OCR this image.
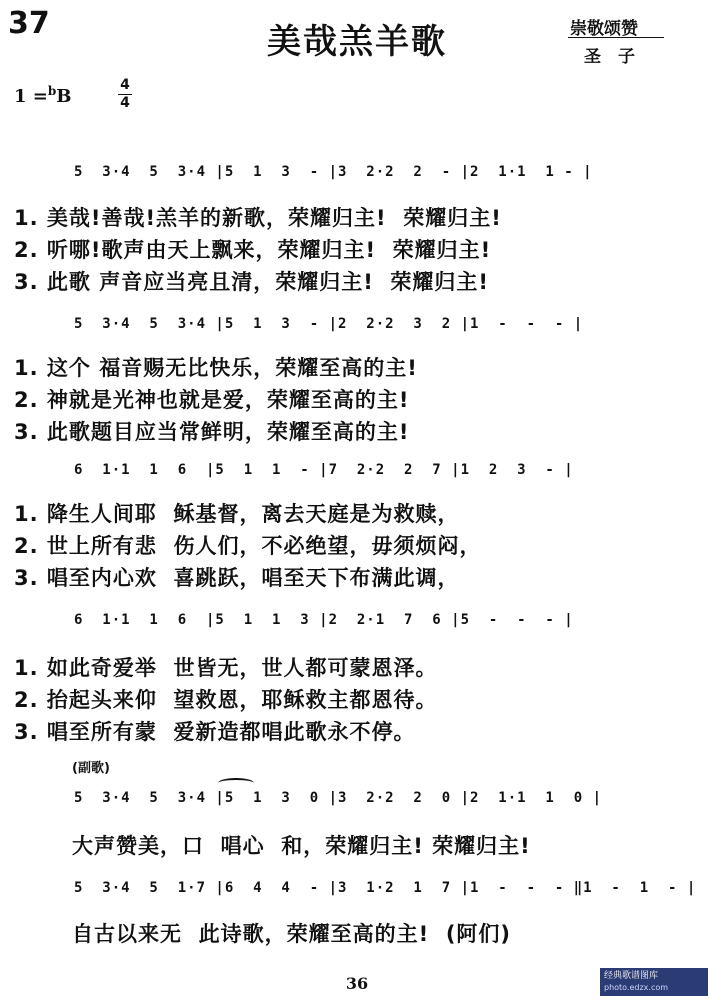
37	美哉羔羊歌	崇敬颂赞
圣　子
1 =$^b$B
4
4
5  3·4  5  3·4 |5  1  3  - |3  2·2  2  - |2  1·1  1 - |
1. 美哉!善哉!羔羊的新歌，荣耀归主!  荣耀归主!
2. 听哪!歌声由天上飘来，荣耀归主!  荣耀归主!
3. 此歌 声音应当亮且清，荣耀归主!  荣耀归主!
5  3·4  5  3·4 |5  1  3  - |2  2·2  3  2 |1  -  -  - |
1. 这个 福音赐无比快乐，荣耀至高的主!
2. 神就是光神也就是爱，荣耀至高的主!
3. 此歌题目应当常鲜明，荣耀至高的主!
6  1·1  1  6  |5  1  1  - |7  2·2  2  7 |1  2  3  - |
1. 降生人间耶  稣基督，离去天庭是为救赎，
2. 世上所有悲  伤人们，不必绝望，毋须烦闷，
3. 唱至内心欢  喜跳跃，唱至天下布满此调，
6  1·1  1  6  |5  1  1  3 |2  2·1  7  6 |5  -  -  - |
1. 如此奇爱举  世皆无，世人都可蒙恩泽。
2. 抬起头来仰  望救恩，耶稣救主都恩待。
3. 唱至所有蒙  爱新造都唱此歌永不停。
(副歌)
5  3·4  5  3·4 |5  1  3  0 |3  2·2  2  0 |2  1·1  1  0 |
大声赞美，口  唱心  和，荣耀归主! 荣耀归主!
5  3·4  5  1·7 |6  4  4  - |3  1·2  1  7 |1  -  -  - ‖1  -  1  - |
自古以来无  此诗歌，荣耀至高的主!  (阿们)
36	经典歌谱图库
photo.edzx.com
